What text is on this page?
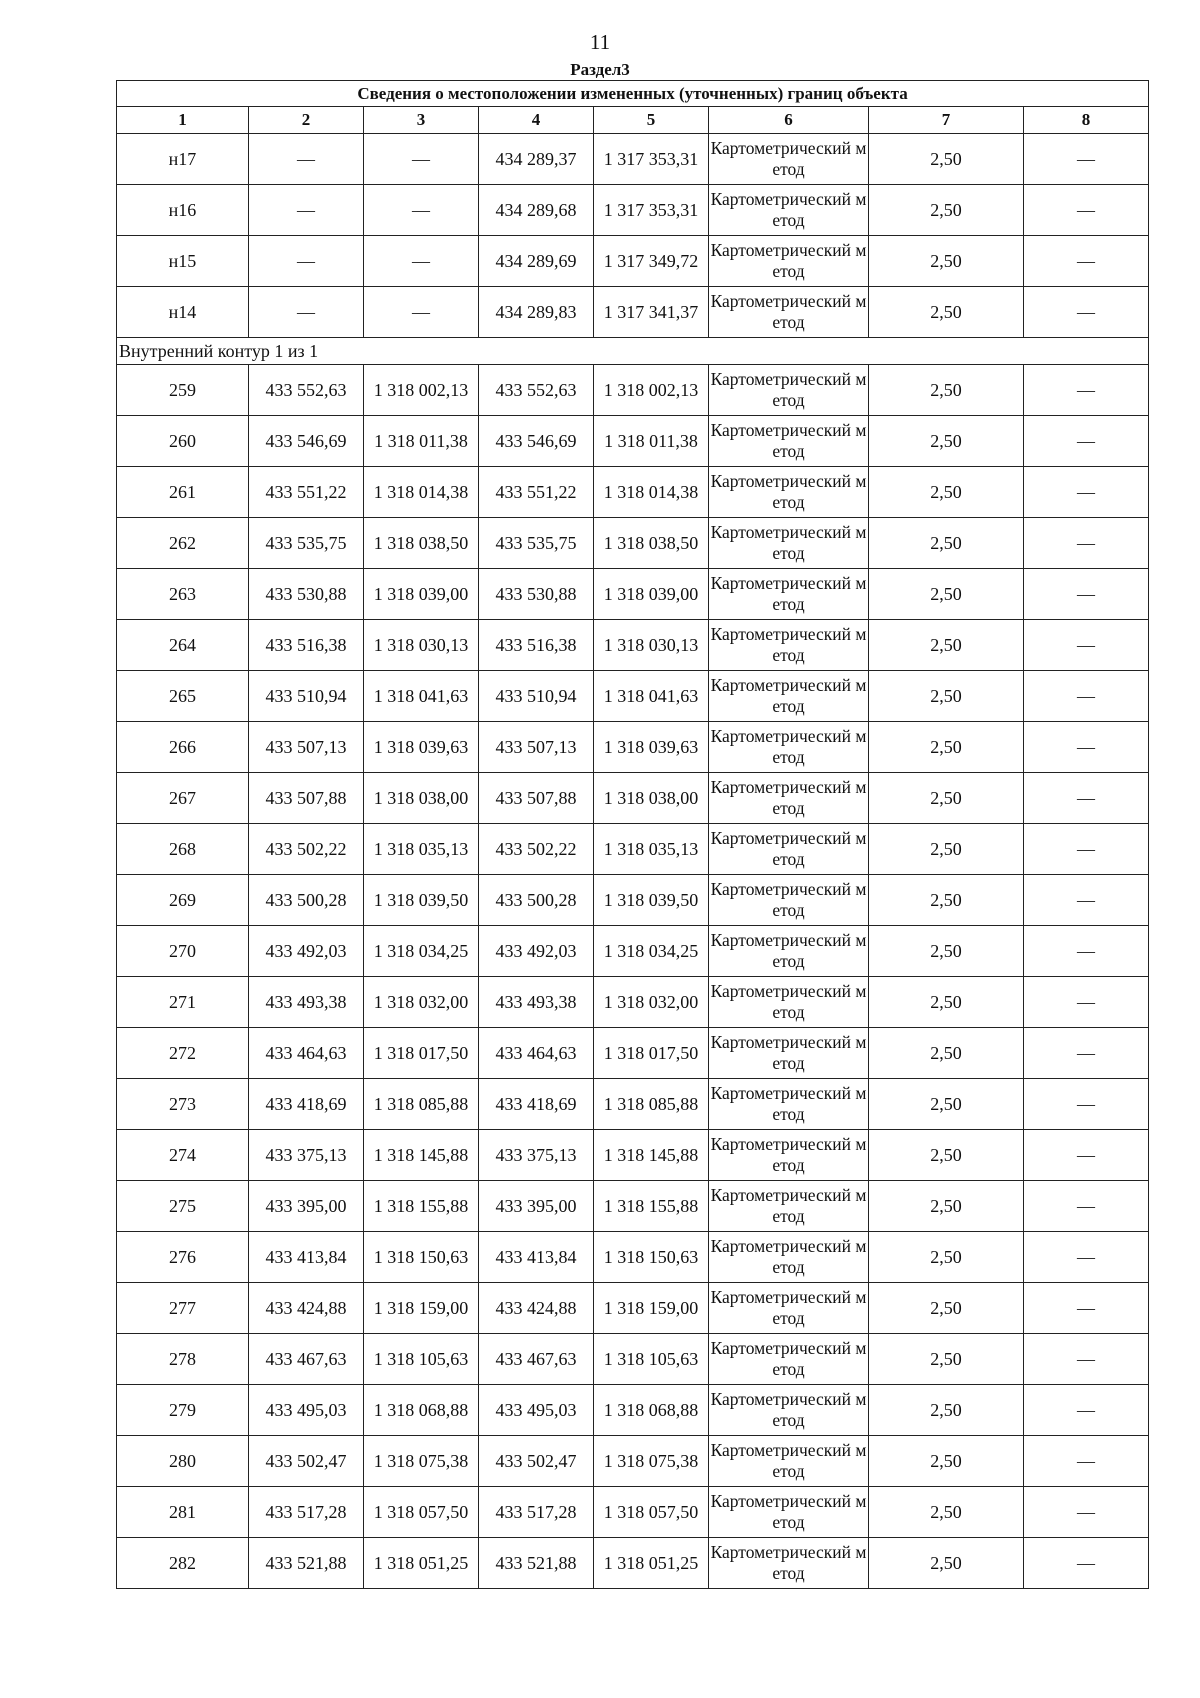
11
Раздел3
Сведения о местоположении измененных (уточненных) границ объекта							
1	2	3	4	5	6	7	8
н17	—	—	434 289,37	1 317 353,31	Картометрический метод	2,50	—
н16	—	—	434 289,68	1 317 353,31	Картометрический метод	2,50	—
н15	—	—	434 289,69	1 317 349,72	Картометрический метод	2,50	—
н14	—	—	434 289,83	1 317 341,37	Картометрический метод	2,50	—
Внутренний контур 1 из 1							
259	433 552,63	1 318 002,13	433 552,63	1 318 002,13	Картометрический метод	2,50	—
260	433 546,69	1 318 011,38	433 546,69	1 318 011,38	Картометрический метод	2,50	—
261	433 551,22	1 318 014,38	433 551,22	1 318 014,38	Картометрический метод	2,50	—
262	433 535,75	1 318 038,50	433 535,75	1 318 038,50	Картометрический метод	2,50	—
263	433 530,88	1 318 039,00	433 530,88	1 318 039,00	Картометрический метод	2,50	—
264	433 516,38	1 318 030,13	433 516,38	1 318 030,13	Картометрический метод	2,50	—
265	433 510,94	1 318 041,63	433 510,94	1 318 041,63	Картометрический метод	2,50	—
266	433 507,13	1 318 039,63	433 507,13	1 318 039,63	Картометрический метод	2,50	—
267	433 507,88	1 318 038,00	433 507,88	1 318 038,00	Картометрический метод	2,50	—
268	433 502,22	1 318 035,13	433 502,22	1 318 035,13	Картометрический метод	2,50	—
269	433 500,28	1 318 039,50	433 500,28	1 318 039,50	Картометрический метод	2,50	—
270	433 492,03	1 318 034,25	433 492,03	1 318 034,25	Картометрический метод	2,50	—
271	433 493,38	1 318 032,00	433 493,38	1 318 032,00	Картометрический метод	2,50	—
272	433 464,63	1 318 017,50	433 464,63	1 318 017,50	Картометрический метод	2,50	—
273	433 418,69	1 318 085,88	433 418,69	1 318 085,88	Картометрический метод	2,50	—
274	433 375,13	1 318 145,88	433 375,13	1 318 145,88	Картометрический метод	2,50	—
275	433 395,00	1 318 155,88	433 395,00	1 318 155,88	Картометрический метод	2,50	—
276	433 413,84	1 318 150,63	433 413,84	1 318 150,63	Картометрический метод	2,50	—
277	433 424,88	1 318 159,00	433 424,88	1 318 159,00	Картометрический метод	2,50	—
278	433 467,63	1 318 105,63	433 467,63	1 318 105,63	Картометрический метод	2,50	—
279	433 495,03	1 318 068,88	433 495,03	1 318 068,88	Картометрический метод	2,50	—
280	433 502,47	1 318 075,38	433 502,47	1 318 075,38	Картометрический метод	2,50	—
281	433 517,28	1 318 057,50	433 517,28	1 318 057,50	Картометрический метод	2,50	—
282	433 521,88	1 318 051,25	433 521,88	1 318 051,25	Картометрический метод	2,50	—
